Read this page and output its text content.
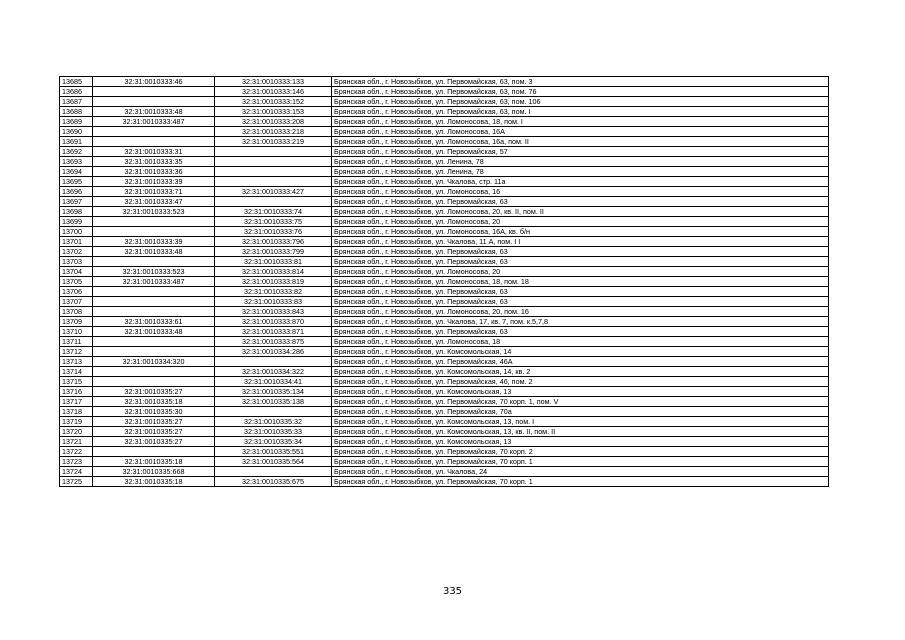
13685	32:31:0010333:46	32:31:0010333:133	Брянская обл., г. Новозыбков, ул. Первомайская, 63, пом. 3
13686		32:31:0010333:146	Брянская обл., г. Новозыбков, ул. Первомайская, 63, пом. 76
13687		32:31:0010333:152	Брянская обл., г. Новозыбков, ул. Первомайская, 63, пом. 106
13688	32:31:0010333:48	32:31:0010333:153	Брянская обл., г. Новозыбков, ул. Первомайская, 63, пом. I
13689	32:31:0010333:487	32:31:0010333:208	Брянская обл., г. Новозыбков, ул. Ломоносова, 18, пом. I
13690		32:31:0010333:218	Брянская обл., г. Новозыбков, ул. Ломоносова, 16А
13691		32:31:0010333:219	Брянская обл., г. Новозыбков, ул. Ломоносова, 16а, пом. II
13692	32:31:0010333:31		Брянская обл., г. Новозыбков, ул. Первомайская, 57
13693	32:31:0010333:35		Брянская обл., г. Новозыбков, ул. Ленина, 78
13694	32:31:0010333:36		Брянская обл., г. Новозыбков, ул. Ленина, 78
13695	32:31:0010333:39		Брянская обл., г. Новозыбков, ул. Чкалова, стр. 11а
13696	32:31:0010333:71	32:31:0010333:427	Брянская обл., г. Новозыбков, ул. Ломоносова, 16
13697	32:31:0010333:47		Брянская обл., г. Новозыбков, ул. Первомайская, 63
13698	32:31:0010333:523	32:31:0010333:74	Брянская обл., г. Новозыбков, ул. Ломоносова, 20, кв. II, пом. II
13699		32:31:0010333:75	Брянская обл., г. Новозыбков, ул. Ломоносова, 20
13700		32:31:0010333:76	Брянская обл., г. Новозыбков, ул. Ломоносова, 16А, кв. б/н
13701	32:31:0010333:39	32:31:0010333:796	Брянская обл., г. Новозыбков, ул. Чкалова, 11 А, пом. I I
13702	32:31:0010333:48	32:31:0010333:799	Брянская обл., г. Новозыбков, ул. Первомайская, 63
13703		32:31:0010333:81	Брянская обл., г. Новозыбков, ул. Первомайская, 63
13704	32:31:0010333:523	32:31:0010333:814	Брянская обл., г. Новозыбков, ул. Ломоносова, 20
13705	32:31:0010333:487	32:31:0010333:819	Брянская обл., г. Новозыбков, ул. Ломоносова, 18, пом. 18
13706		32:31:0010333:82	Брянская обл., г. Новозыбков, ул. Первомайская, 63
13707		32:31:0010333:83	Брянская обл., г. Новозыбков, ул. Первомайская, 63
13708		32:31:0010333:843	Брянская обл., г. Новозыбков, ул. Ломоносова, 20, пом. 16
13709	32:31:0010333:61	32:31:0010333:870	Брянская обл., г. Новозыбков, ул. Чкалова, 17, кв. 7, пом. к.5,7,8
13710	32:31:0010333:48	32:31:0010333:871	Брянская обл., г. Новозыбков, ул. Первомайская, 63
13711		32:31:0010333:875	Брянская обл., г. Новозыбков, ул. Ломоносова, 18
13712		32:31:0010334:286	Брянская обл., г. Новозыбков, ул. Комсомольская, 14
13713	32:31:0010334:320		Брянская обл., г. Новозыбков, ул. Первомайская, 46А
13714		32:31:0010334:322	Брянская обл., г. Новозыбков, ул. Комсомольская, 14, кв. 2
13715		32:31:0010334:41	Брянская обл., г. Новозыбков, ул. Первомайская, 46, пом. 2
13716	32:31:0010335:27	32:31:0010335:134	Брянская обл., г. Новозыбков, ул. Комсомольская, 13
13717	32:31:0010335:18	32:31:0010335:138	Брянская обл., г. Новозыбков, ул. Первомайская, 70 корп. 1, пом. V
13718	32:31:0010335:30		Брянская обл., г. Новозыбков, ул. Первомайская, 70а
13719	32:31:0010335:27	32:31:0010335:32	Брянская обл., г. Новозыбков, ул. Комсомольская, 13, пом. I
13720	32:31:0010335:27	32:31:0010335:33	Брянская обл., г. Новозыбков, ул. Комсомольская, 13, кв. II, пом. II
13721	32:31:0010335:27	32:31:0010335:34	Брянская обл., г. Новозыбков, ул. Комсомольская, 13
13722		32:31:0010335:551	Брянская обл., г. Новозыбков, ул. Первомайская, 70 корп. 2
13723	32:31:0010335:18	32:31:0010335:564	Брянская обл., г. Новозыбков, ул. Первомайская, 70 корп. 1
13724	32:31:0010335:668		Брянская обл., г. Новозыбков, ул. Чкалова, 24
13725	32:31:0010335:18	32:31:0010335:675	Брянская обл., г. Новозыбков, ул. Первомайская, 70 корп. 1
335
